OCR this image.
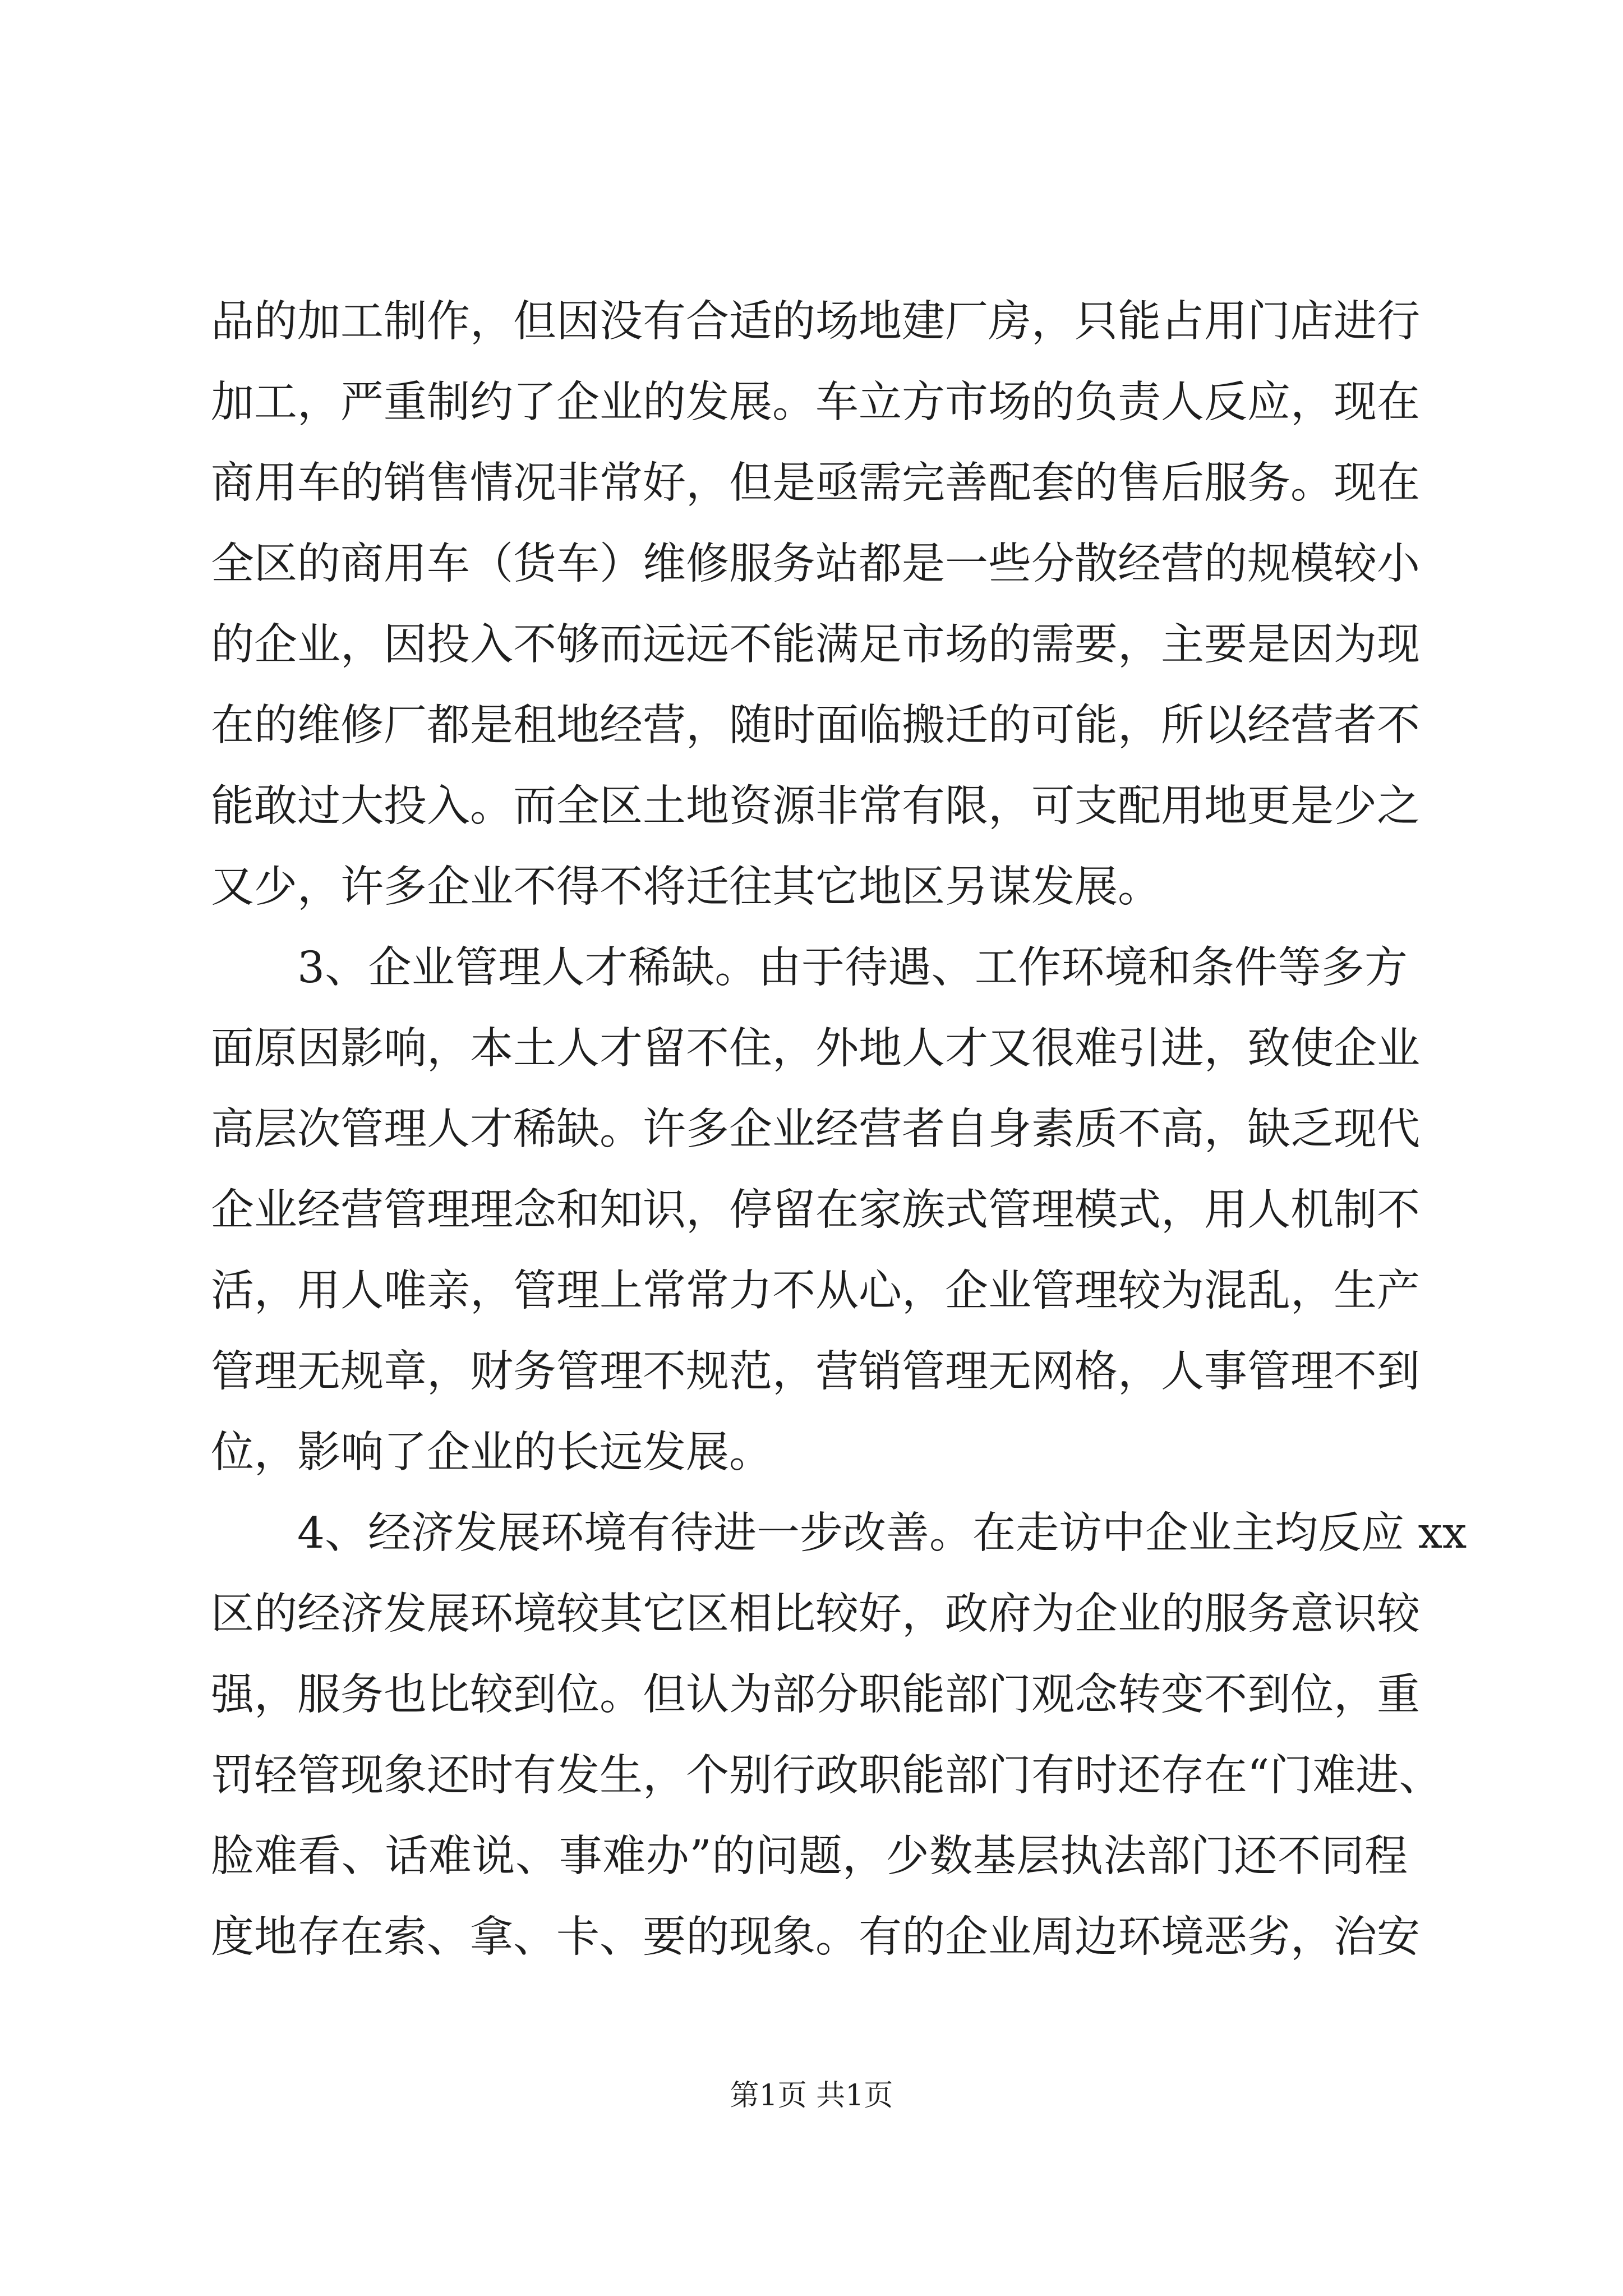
品的加工制作，但因没有合适的场地建厂房，只能占用门店进行
加工，严重制约了企业的发展。车立方市场的负责人反应，现在
商用车的销售情况非常好，但是亟需完善配套的售后服务。现在
全区的商用车（货车）维修服务站都是一些分散经营的规模较小
的企业，因投入不够而远远不能满足市场的需要，主要是因为现
在的维修厂都是租地经营，随时面临搬迁的可能，所以经营者不
能敢过大投入。而全区土地资源非常有限，可支配用地更是少之
又少，许多企业不得不将迁往其它地区另谋发展。
3、企业管理人才稀缺。由于待遇、工作环境和条件等多方
面原因影响，本土人才留不住，外地人才又很难引进，致使企业
高层次管理人才稀缺。许多企业经营者自身素质不高，缺乏现代
企业经营管理理念和知识，停留在家族式管理模式，用人机制不
活，用人唯亲，管理上常常力不从心，企业管理较为混乱，生产
管理无规章，财务管理不规范，营销管理无网格，人事管理不到
位，影响了企业的长远发展。
4、经济发展环境有待进一步改善。在走访中企业主均反应 xx
区的经济发展环境较其它区相比较好，政府为企业的服务意识较
强，服务也比较到位。但认为部分职能部门观念转变不到位，重
罚轻管现象还时有发生，个别行政职能部门有时还存在“门难进、
脸难看、话难说、事难办”的问题，少数基层执法部门还不同程
度地存在索、拿、卡、要的现象。有的企业周边环境恶劣，治安
第1页 共1页
